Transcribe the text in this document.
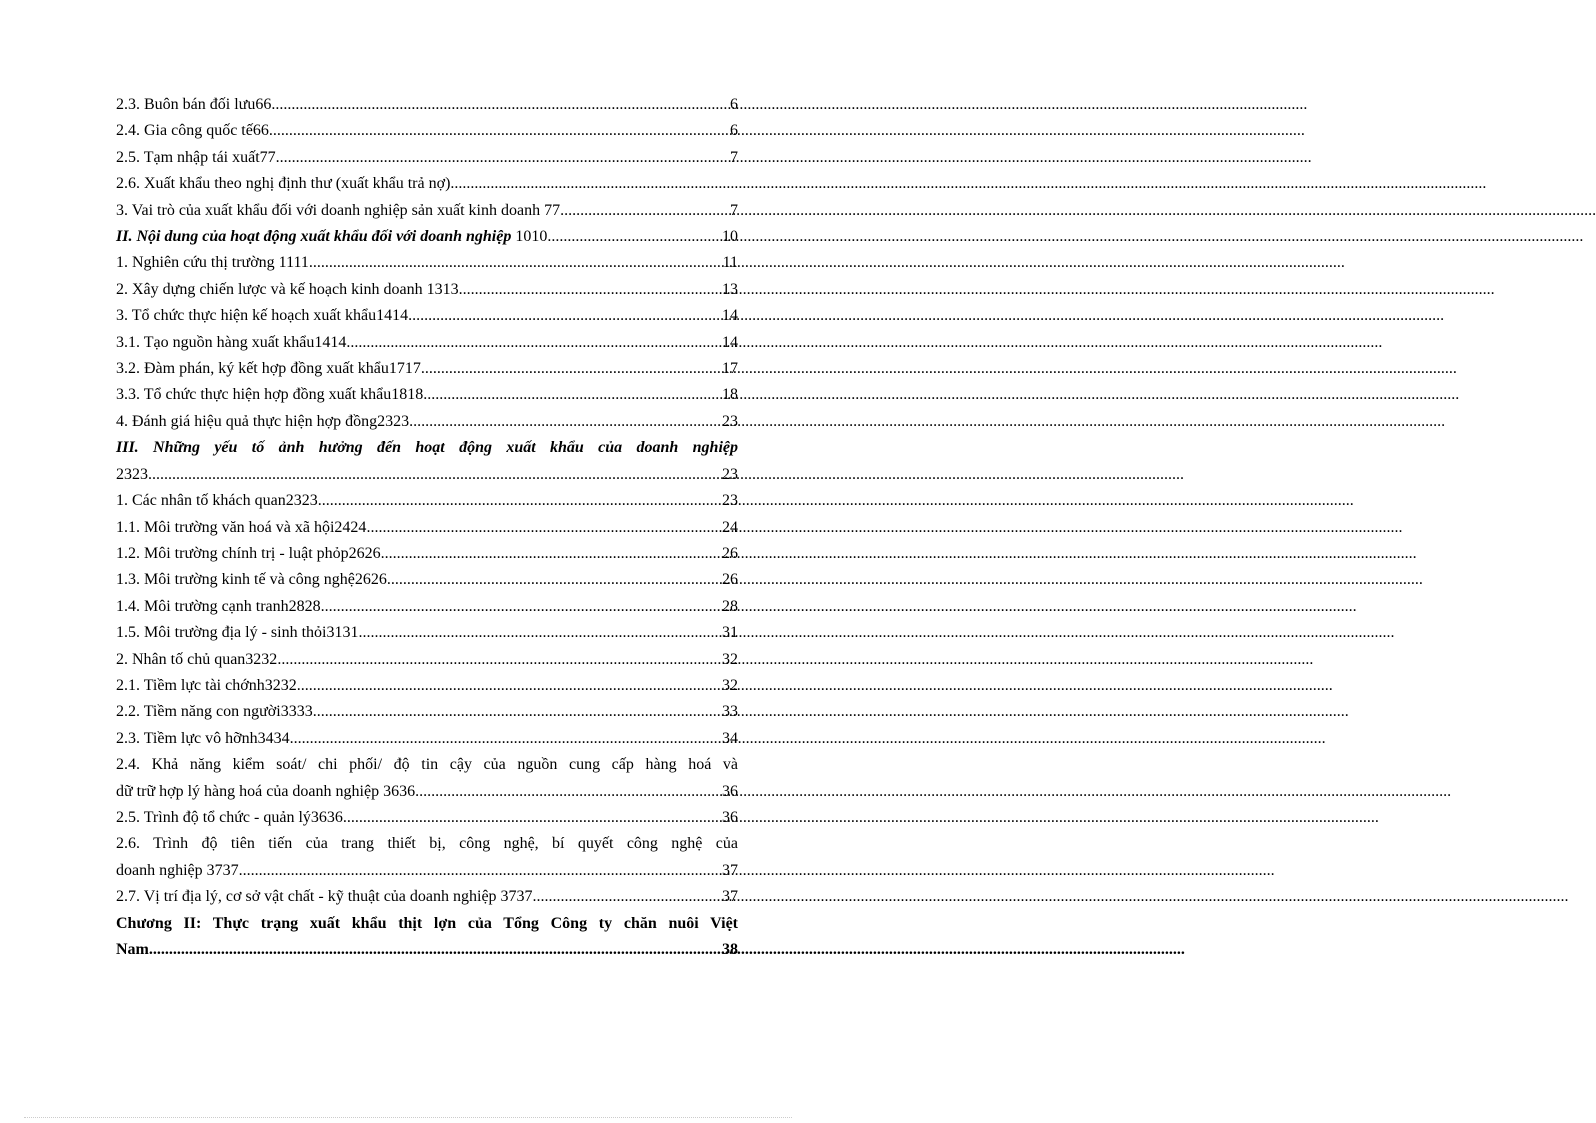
2.3. Buôn bán đối lưu66 .....	6
2.4. Gia công quốc tế66 .....	6
2.5. Tạm nhập tái xuất77 .....	7
2.6. Xuất khẩu theo nghị định thư (xuất khẩu trả nợ)
.....
3. Vai trò của xuất khẩu đối với doanh nghiệp sản xuất kinh doanh 77 .....	7
II. Nội dung của hoạt động xuất khẩu đối với doanh nghiệp 1010 .....	10
1. Nghiên cứu thị trường 1111 .....	11
2. Xây dựng chiến lược và kế hoạch kinh doanh 1313 .....	13
3. Tổ chức thực hiện kế hoạch xuất khẩu1414 .....	14
3.1. Tạo nguồn hàng xuất khẩu1414 .....	14
3.2. Đàm phán, ký kết hợp đồng xuất khẩu1717 .....	17
3.3. Tổ chức thực hiện hợp đồng xuất khẩu1818 .....	18
4. Đánh giá hiệu quả thực hiện hợp đồng2323 .....	23
III. Những yếu tố ảnh hưởng đến hoạt động xuất khẩu của doanh nghiệp
2323 .....	23
1. Các nhân tố khách quan2323 .....	23
1.1. Môi trường văn hoá và xã hội2424 .....	24
1.2. Môi trường chính trị - luật phỏp2626 .....	26
1.3. Môi trường kinh tế và công nghệ2626 .....	26
1.4. Môi trường cạnh tranh2828 .....	28
1.5. Môi trường địa lý - sinh thỏi3131 .....	31
2. Nhân tố chủ quan3232 .....	32
2.1. Tiềm lực tài chớnh3232 .....	32
2.2. Tiềm năng con người3333 .....	33
2.3. Tiềm lực vô hỡnh3434 .....	34
2.4. Khả năng kiểm soát/ chi phối/ độ tin cậy của nguồn cung cấp hàng hoá và
dữ trữ hợp lý hàng hoá của doanh nghiệp 3636 .....	36
2.5. Trình độ tổ chức - quản lý3636 .....	36
2.6. Trình độ tiên tiến của trang thiết bị, công nghệ, bí quyết công nghệ của
doanh nghiệp 3737 .....	37
2.7. Vị trí địa lý, cơ sở vật chất - kỹ thuật của doanh nghiệp 3737 .....	37
Chương II: Thực trạng xuất khẩu thịt lợn của Tổng Công ty chăn nuôi Việt
Nam .....	38
